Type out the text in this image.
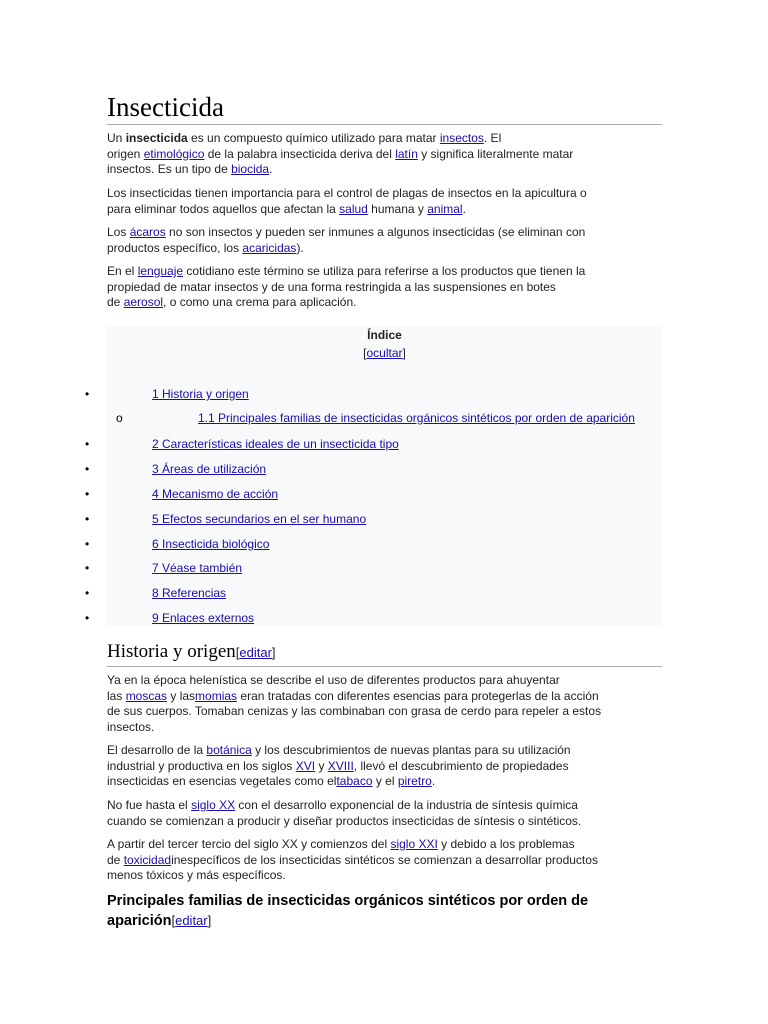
Insecticida

Un insecticida es un compuesto químico utilizado para matar insectos. El

origen etimológico de la palabra insecticida deriva del latín y significa literalmente matar

insectos. Es un tipo de biocida.

Los insecticidas tienen importancia para el control de plagas de insectos en la apicultura o

para eliminar todos aquellos que afectan la salud humana y animal.

Los ácaros no son insectos y pueden ser inmunes a algunos insecticidas (se eliminan con

productos específico, los acaricidas).

En el lenguaje cotidiano este término se utiliza para referirse a los productos que tienen la

propiedad de matar insectos y de una forma restringida a las suspensiones en botes

de aerosol, o como una crema para aplicación.

Índice
[ocultar]
•	1 Historia y origen
o	1.1 Principales familias de insecticidas orgánicos sintéticos por orden de aparición
•	2 Características ideales de un insecticida tipo
•	3 Áreas de utilización
•	4 Mecanismo de acción
•	5 Efectos secundarios en el ser humano
•	6 Insecticida biológico
•	7 Véase también
•	8 Referencias
•	9 Enlaces externos
Historia y origen[editar]

Ya en la época helenística se describe el uso de diferentes productos para ahuyentar

las moscas y lasmomias eran tratadas con diferentes esencias para protegerlas de la acción

de sus cuerpos. Tomaban cenizas y las combinaban con grasa de cerdo para repeler a estos

insectos.

El desarrollo de la botánica y los descubrimientos de nuevas plantas para su utilización

industrial y productiva en los siglos XVI y XVIII, llevó el descubrimiento de propiedades

insecticidas en esencias vegetales como eltabaco y el piretro.

No fue hasta el siglo XX con el desarrollo exponencial de la industria de síntesis química

cuando se comienzan a producir y diseñar productos insecticidas de síntesis o sintéticos.

A partir del tercer tercio del siglo XX y comienzos del siglo XXI y debido a los problemas

de toxicidadinespecíficos de los insecticidas sintéticos se comienzan a desarrollar productos

menos tóxicos y más específicos.

Principales familias de insecticidas orgánicos sintéticos por orden de
aparición[editar]
